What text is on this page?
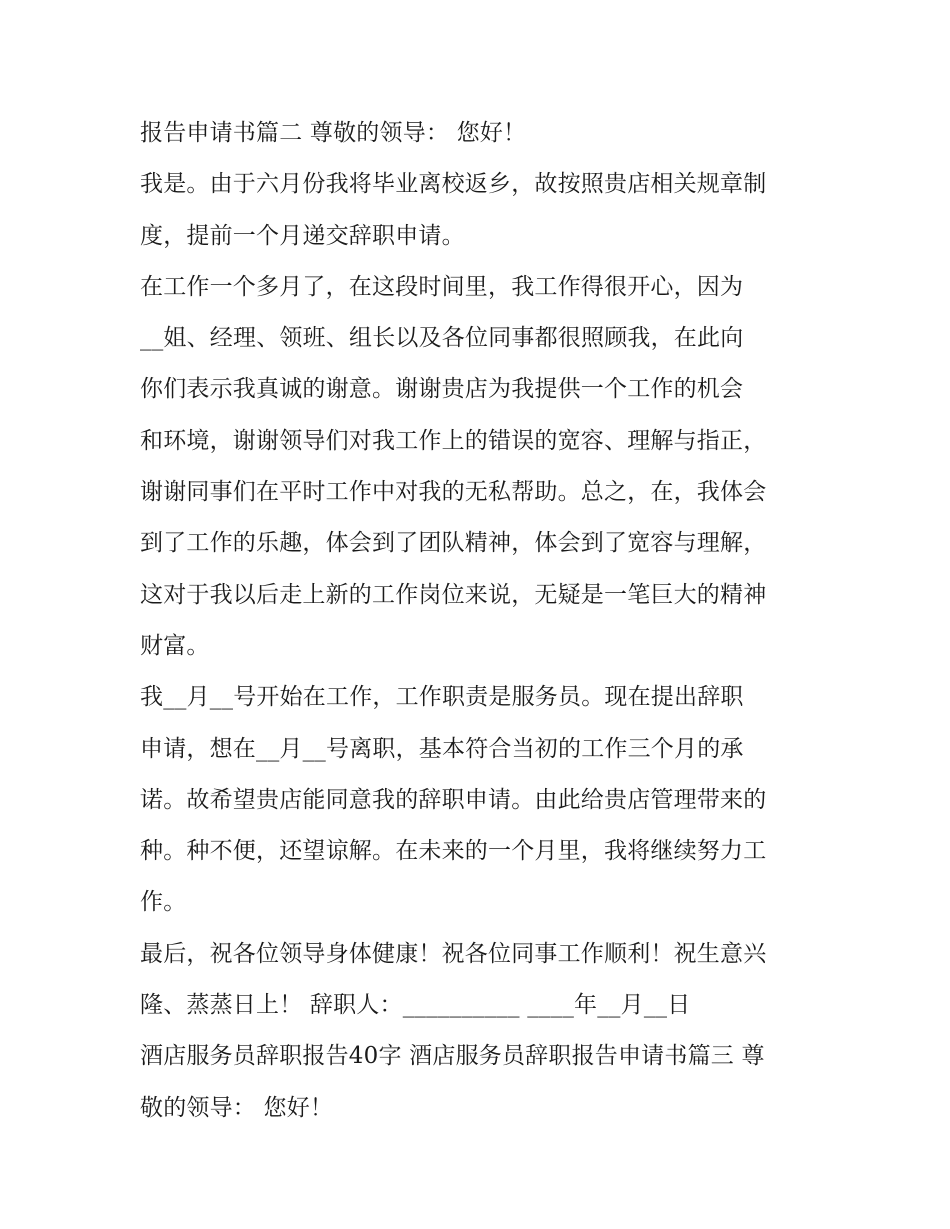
报告申请书篇二 尊敬的领导： 您好！
我是。由于六月份我将毕业离校返乡，故按照贵店相关规章制
度，提前一个月递交辞职申请。
在工作一个多月了，在这段时间里，我工作得很开心，因为
__姐、经理、领班、组长以及各位同事都很照顾我，在此向
你们表示我真诚的谢意。谢谢贵店为我提供一个工作的机会
和环境，谢谢领导们对我工作上的错误的宽容、理解与指正，
谢谢同事们在平时工作中对我的无私帮助。总之，在，我体会
到了工作的乐趣，体会到了团队精神，体会到了宽容与理解，
这对于我以后走上新的工作岗位来说，无疑是一笔巨大的精神
财富。
我__月__号开始在工作，工作职责是服务员。现在提出辞职
申请，想在__月__号离职，基本符合当初的工作三个月的承
诺。故希望贵店能同意我的辞职申请。由此给贵店管理带来的
种。种不便，还望谅解。在未来的一个月里，我将继续努力工
作。
最后，祝各位领导身体健康！祝各位同事工作顺利！祝生意兴
隆、蒸蒸日上！ 辞职人：__________ ____年__月__日
酒店服务员辞职报告40字 酒店服务员辞职报告申请书篇三 尊
敬的领导： 您好！
